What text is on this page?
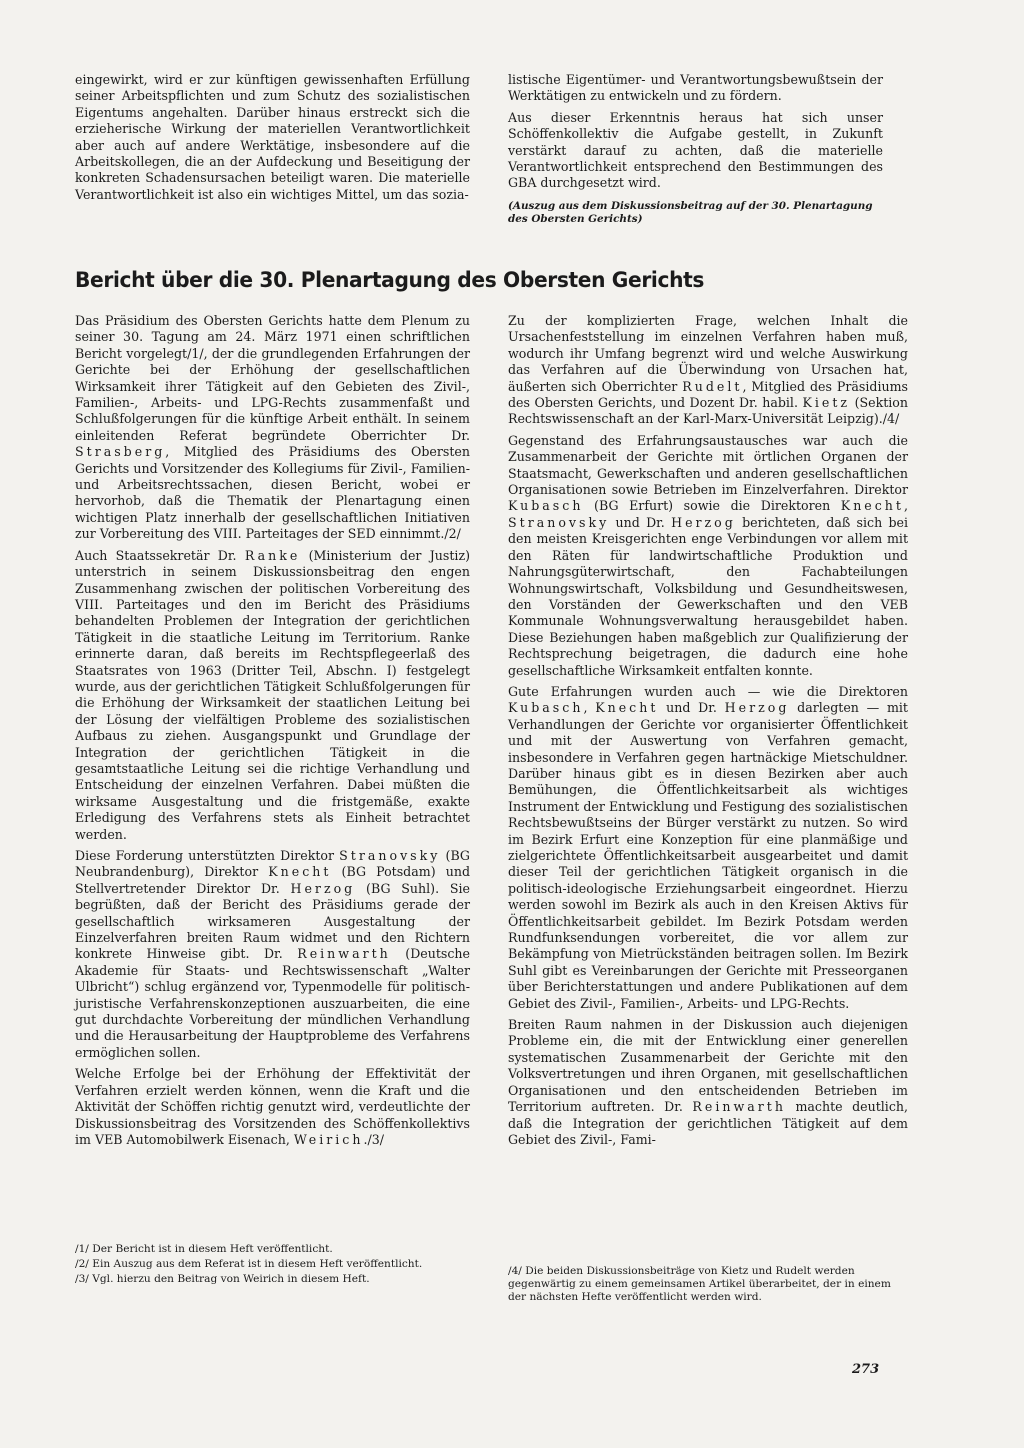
eingewirkt, wird er zur künftigen gewissenhaften Erfüllung seiner Arbeitspflichten und zum Schutz des sozialistischen Eigentums angehalten. Darüber hinaus erstreckt sich die erzieherische Wirkung der materiellen Verantwortlichkeit aber auch auf andere Werktätige, insbesondere auf die Arbeitskollegen, die an der Aufdeckung und Beseitigung der konkreten Schadensursachen beteiligt waren. Die materielle Verantwortlichkeit ist also ein wichtiges Mittel, um das sozia-

listische Eigentümer- und Verantwortungsbewußtsein der Werktätigen zu entwickeln und zu fördern.

Aus dieser Erkenntnis heraus hat sich unser Schöffenkollektiv die Aufgabe gestellt, in Zukunft verstärkt darauf zu achten, daß die materielle Verantwortlichkeit entsprechend den Bestimmungen des GBA durchgesetzt wird.

(Auszug aus dem Diskussionsbeitrag auf der 30. Plenartagung des Obersten Gerichts)
Bericht über die 30. Plenartagung des Obersten Gerichts

Das Präsidium des Obersten Gerichts hatte dem Plenum zu seiner 30. Tagung am 24. März 1971 einen schriftlichen Bericht vorgelegt/1/, der die grundlegenden Erfahrungen der Gerichte bei der Erhöhung der gesellschaftlichen Wirksamkeit ihrer Tätigkeit auf den Gebieten des Zivil-, Familien-, Arbeits- und LPG-Rechts zusammenfaßt und Schlußfolgerungen für die künftige Arbeit enthält. In seinem einleitenden Referat begründete Oberrichter Dr. Strasberg, Mitglied des Präsidiums des Obersten Gerichts und Vorsitzender des Kollegiums für Zivil-, Familien- und Arbeitsrechtssachen, diesen Bericht, wobei er hervorhob, daß die Thematik der Plenartagung einen wichtigen Platz innerhalb der gesellschaftlichen Initiativen zur Vorbereitung des VIII. Parteitages der SED einnimmt./2/

Auch Staatssekretär Dr. Ranke (Ministerium der Justiz) unterstrich in seinem Diskussionsbeitrag den engen Zusammenhang zwischen der politischen Vorbereitung des VIII. Parteitages und den im Bericht des Präsidiums behandelten Problemen der Integration der gerichtlichen Tätigkeit in die staatliche Leitung im Territorium. Ranke erinnerte daran, daß bereits im Rechtspflegeerlaß des Staatsrates von 1963 (Dritter Teil, Abschn. I) festgelegt wurde, aus der gerichtlichen Tätigkeit Schlußfolgerungen für die Erhöhung der Wirksamkeit der staatlichen Leitung bei der Lösung der vielfältigen Probleme des sozialistischen Aufbaus zu ziehen. Ausgangspunkt und Grundlage der Integration der gerichtlichen Tätigkeit in die gesamtstaatliche Leitung sei die richtige Verhandlung und Entscheidung der einzelnen Verfahren. Dabei müßten die wirksame Ausgestaltung und die fristgemäße, exakte Erledigung des Verfahrens stets als Einheit betrachtet werden.

Diese Forderung unterstützten Direktor Stranovsky (BG Neubrandenburg), Direktor Knecht (BG Potsdam) und Stellvertretender Direktor Dr. Herzog (BG Suhl). Sie begrüßten, daß der Bericht des Präsidiums gerade der gesellschaftlich wirksameren Ausgestaltung der Einzelverfahren breiten Raum widmet und den Richtern konkrete Hinweise gibt. Dr. Reinwarth (Deutsche Akademie für Staats- und Rechtswissenschaft „Walter Ulbricht“) schlug ergänzend vor, Typenmodelle für politisch-juristische Verfahrenskonzeptionen auszuarbeiten, die eine gut durchdachte Vorbereitung der mündlichen Verhandlung und die Herausarbeitung der Hauptprobleme des Verfahrens ermöglichen sollen.

Welche Erfolge bei der Erhöhung der Effektivität der Verfahren erzielt werden können, wenn die Kraft und die Aktivität der Schöffen richtig genutzt wird, verdeutlichte der Diskussionsbeitrag des Vorsitzenden des Schöffenkollektivs im VEB Automobilwerk Eisenach, Weirich./3/

Zu der komplizierten Frage, welchen Inhalt die Ursachenfeststellung im einzelnen Verfahren haben muß, wodurch ihr Umfang begrenzt wird und welche Auswirkung das Verfahren auf die Überwindung von Ursachen hat, äußerten sich Oberrichter Rudelt, Mitglied des Präsidiums des Obersten Gerichts, und Dozent Dr. habil. Kietz (Sektion Rechtswissenschaft an der Karl-Marx-Universität Leipzig)./4/

Gegenstand des Erfahrungsaustausches war auch die Zusammenarbeit der Gerichte mit örtlichen Organen der Staatsmacht, Gewerkschaften und anderen gesellschaftlichen Organisationen sowie Betrieben im Einzelverfahren. Direktor Kubasch (BG Erfurt) sowie die Direktoren Knecht, Stranovsky und Dr. Herzog berichteten, daß sich bei den meisten Kreisgerichten enge Verbindungen vor allem mit den Räten für landwirtschaftliche Produktion und Nahrungsgüterwirtschaft, den Fachabteilungen Wohnungswirtschaft, Volksbildung und Gesundheitswesen, den Vorständen der Gewerkschaften und den VEB Kommunale Wohnungsverwaltung herausgebildet haben. Diese Beziehungen haben maßgeblich zur Qualifizierung der Rechtsprechung beigetragen, die dadurch eine hohe gesellschaftliche Wirksamkeit entfalten konnte.

Gute Erfahrungen wurden auch — wie die Direktoren Kubasch, Knecht und Dr. Herzog darlegten — mit Verhandlungen der Gerichte vor organisierter Öffentlichkeit und mit der Auswertung von Verfahren gemacht, insbesondere in Verfahren gegen hartnäckige Mietschuldner. Darüber hinaus gibt es in diesen Bezirken aber auch Bemühungen, die Öffentlichkeitsarbeit als wichtiges Instrument der Entwicklung und Festigung des sozialistischen Rechtsbewußtseins der Bürger verstärkt zu nutzen. So wird im Bezirk Erfurt eine Konzeption für eine planmäßige und zielgerichtete Öffentlichkeitsarbeit ausgearbeitet und damit dieser Teil der gerichtlichen Tätigkeit organisch in die politisch-ideologische Erziehungsarbeit eingeordnet. Hierzu werden sowohl im Bezirk als auch in den Kreisen Aktivs für Öffentlichkeitsarbeit gebildet. Im Bezirk Potsdam werden Rundfunksendungen vorbereitet, die vor allem zur Bekämpfung von Mietrückständen beitragen sollen. Im Bezirk Suhl gibt es Vereinbarungen der Gerichte mit Presseorganen über Berichterstattungen und andere Publikationen auf dem Gebiet des Zivil-, Familien-, Arbeits- und LPG-Rechts.

Breiten Raum nahmen in der Diskussion auch diejenigen Probleme ein, die mit der Entwicklung einer generellen systematischen Zusammenarbeit der Gerichte mit den Volksvertretungen und ihren Organen, mit gesellschaftlichen Organisationen und den entscheidenden Betrieben im Territorium auftreten. Dr. Reinwarth machte deutlich, daß die Integration der gerichtlichen Tätigkeit auf dem Gebiet des Zivil-, Fami-

/1/ Der Bericht ist in diesem Heft veröffentlicht.
/2/ Ein Auszug aus dem Referat ist in diesem Heft veröffentlicht.
/3/ Vgl. hierzu den Beitrag von Weirich in diesem Heft.
/4/ Die beiden Diskussionsbeiträge von Kietz und Rudelt werden gegenwärtig zu einem gemeinsamen Artikel überarbeitet, der in einem der nächsten Hefte veröffentlicht werden wird.
273
